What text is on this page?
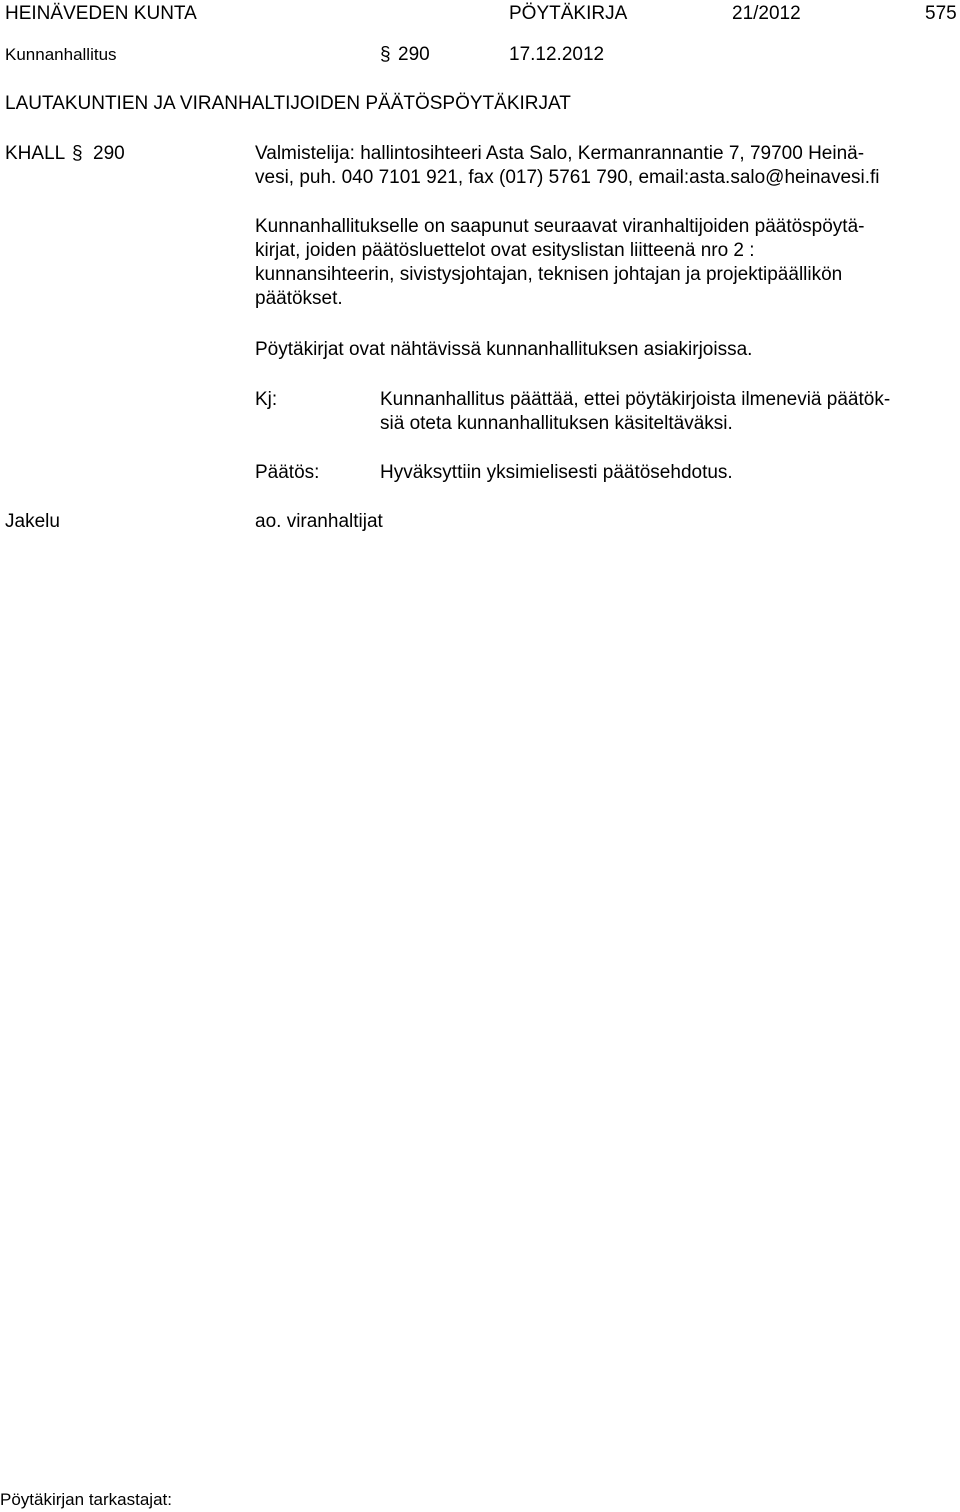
HEINÄVEDEN KUNTA	PÖYTÄKIRJA	21/2012	575
Kunnanhallitus	§ 290	17.12.2012
LAUTAKUNTIEN JA VIRANHALTIJOIDEN PÄÄTÖSPÖYTÄKIRJAT
KHALL § 290	Valmistelija: hallintosihteeri Asta Salo, Kermanrannantie 7, 79700 Heinä-
vesi, puh. 040 7101 921, fax (017) 5761 790, email:asta.salo@heinavesi.fi
Kunnanhallitukselle on saapunut seuraavat viranhaltijoiden päätöspöytä-
kirjat, joiden päätösluettelot ovat esityslistan liitteenä nro 2 :
kunnansihteerin, sivistysjohtajan, teknisen johtajan ja projektipäällikön
päätökset.
Pöytäkirjat ovat nähtävissä kunnanhallituksen asiakirjoissa.
Kj:	Kunnanhallitus päättää, ettei pöytäkirjoista ilmeneviä päätök-
siä oteta kunnanhallituksen käsiteltäväksi.
Päätös:	Hyväksyttiin yksimielisesti päätösehdotus.
Jakelu	ao. viranhaltijat
Pöytäkirjan tarkastajat:
